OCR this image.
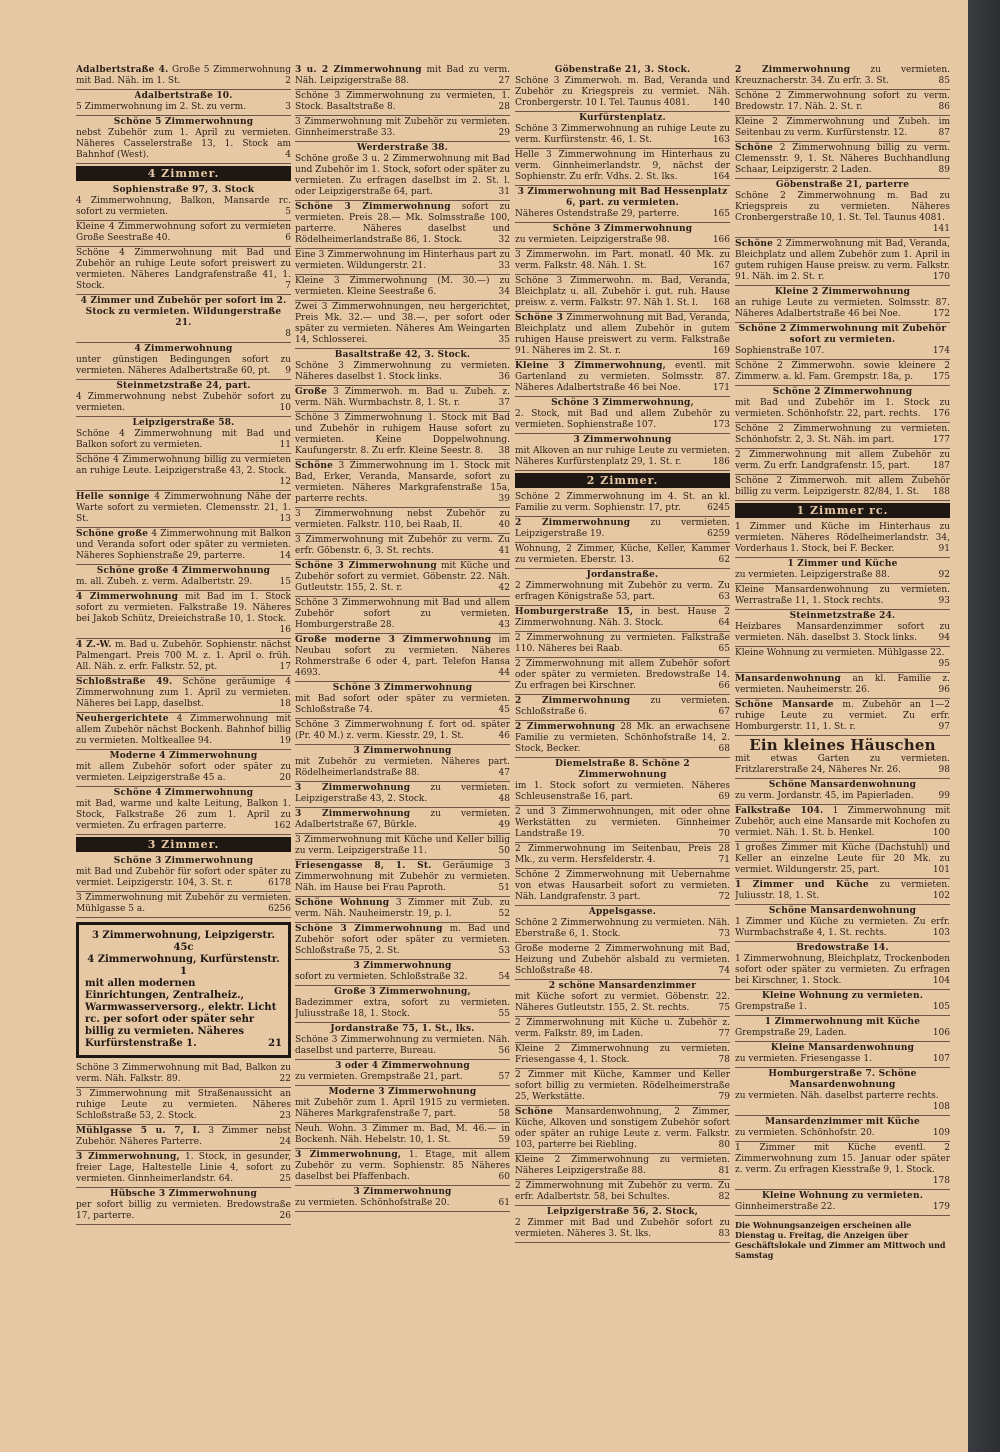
Adalbertstraße 4. Große 5 Zimmerwohnung mit Bad. Näh. im 1. St.	2
Adalbertstraße 10.
5 Zimmerwohnung im 2. St. zu verm.	3
Schöne 5 Zimmerwohnung
nebst Zubehör zum 1. April zu vermieten. Näheres Casselerstraße 13, 1. Stock am Bahnhof (West).	4
4 Zimmer.
Sophienstraße 97, 3. Stock
4 Zimmerwohnung, Balkon, Mansarde rc. sofort zu vermieten.	5
Kleine 4 Zimmerwohnung sofort zu vermieten Große Seestraße 40.	6
Schöne 4 Zimmerwohnung mit Bad und Zubehör an ruhige Leute sofort preiswert zu vermieten. Näheres Landgrafenstraße 41, 1. Stock.	7
4 Zimmer und Zubehör per sofort im 2. Stock zu vermieten. Wildungerstraße 21.
8
4 Zimmerwohnung
unter günstigen Bedingungen sofort zu vermieten. Näheres Adalbertstraße 60, pt. 9
Steinmetzstraße 24, part.
4 Zimmerwohnung nebst Zubehör sofort zu vermieten.	10
Leipzigerstraße 58.
Schöne 4 Zimmerwohnung mit Bad und Balkon sofort zu vermieten.	11
Schöne 4 Zimmerwohnung billig zu vermieten an ruhige Leute. Leipzigerstraße 43, 2. Stock.
12
Helle sonnige 4 Zimmerwohnung Nähe der Warte sofort zu vermieten. Clemensstr. 21, 1. St.	13
Schöne große 4 Zimmerwohnung mit Balkon und Veranda sofort oder später zu vermieten. Näheres Sophienstraße 29, parterre.	14
Schöne große 4 Zimmerwohnung
m. all. Zubeh. z. verm. Adalbertstr. 29.	15
4 Zimmerwohnung mit Bad im 1. Stock sofort zu vermieten. Falkstraße 19. Näheres bei Jakob Schütz, Dreieichstraße 10, 1. Stock.
16
4 Z.-W. m. Bad u. Zubehör. Sophienstr. nächst Palmengart. Preis 700 M. z. 1. April o. früh. All. Näh. z. erfr. Falkstr. 52, pt.	17
Schloßstraße 49. Schöne geräumige 4 Zimmerwohnung zum 1. April zu vermieten. Näheres bei Lapp, daselbst.	18
Neuhergerichtete 4 Zimmerwohnung mit allem Zubehör nächst Bockenh. Bahnhof billig zu vermieten. Moltkeallee 94.	19
Moderne 4 Zimmerwohnung
mit allem Zubehör sofort oder später zu vermieten. Leipzigerstraße 45 a.	20
Schöne 4 Zimmerwohnung
mit Bad, warme und kalte Leitung, Balkon 1. Stock, Falkstraße 26 zum 1. April zu vermieten. Zu erfragen parterre.	162
3 Zimmer.
Schöne 3 Zimmerwohnung
mit Bad und Zubehör für sofort oder später zu vermiet. Leipzigerstr. 104, 3. St. r.	6178
3 Zimmerwohnung mit Zubehör zu vermieten. Mühlgasse 5 a.	6256
3 Zimmerwohnung, Leipzigerstr. 45c
4 Zimmerwohnung, Kurfürstenstr. 1
mit allen modernen Einrichtungen, Zentralheiz., Warmwasserversorg., elektr. Licht rc. per sofort oder später sehr billig zu vermieten. Näheres Kurfürstenstraße 1.	21
Schöne 3 Zimmerwohnung mit Bad, Balkon zu verm. Näh. Falkstr. 89.	22
3 Zimmerwohnung mit Straßenaussicht an ruhige Leute zu vermieten. Näheres Schloßstraße 53, 2. Stock.	23
Mühlgasse 5 u. 7, I. 3 Zimmer nebst Zubehör. Näheres Parterre.	24
3 Zimmerwohnung, 1. Stock, in gesunder, freier Lage, Haltestelle Linie 4, sofort zu vermieten. Ginnheimerlandstr. 64.	25
Hübsche 3 Zimmerwohnung
per sofort billig zu vermieten. Bredowstraße 17, parterre.	26
3 u. 2 Zimmerwohnung mit Bad zu verm. Näh. Leipzigerstraße 88.	27
Schöne 3 Zimmerwohnung zu vermieten, 1. Stock. Basaltstraße 8.	28
3 Zimmerwohnung mit Zubehör zu vermieten. Ginnheimerstraße 33.	29
Werderstraße 38.
Schöne große 3 u. 2 Zimmerwohnung mit Bad und Zubehör im 1. Stock, sofort oder später zu vermieten. Zu erfragen daselbst im 2. St. l. oder Leipzigerstraße 64, part.	31
Schöne 3 Zimmerwohnung sofort zu vermieten. Preis 28.— Mk. Solmsstraße 100, parterre. Näheres daselbst und Rödelheimerlandstraße 86, 1. Stock.	32
Eine 3 Zimmerwohnung im Hinterhaus part zu vermieten. Wildungerstr. 21.	33
Kleine 3 Zimmerwohnung (M. 30.—) zu vermieten. Kleine Seestraße 6.	34
Zwei 3 Zimmerwohnungen, neu hergerichtet, Preis Mk. 32.— und 38.—, per sofort oder später zu vermieten. Näheres Am Weingarten 14, Schlosserei.	35
Basaltstraße 42, 3. Stock.
Schöne 3 Zimmerwohnung zu vermieten. Näheres daselbst 1. Stock links.	36
Große 3 Zimmerwoh. m. Bad u. Zubeh. z. verm. Näh. Wurmbachstr. 8, 1. St. r.	37
Schöne 3 Zimmerwohnung 1. Stock mit Bad und Zubehör in ruhigem Hause sofort zu vermieten. Keine Doppelwohnung. Kaufungerstr. 8. Zu erfr. Kleine Seestr. 8. 38
Schöne 3 Zimmerwohnung im 1. Stock mit Bad, Erker, Veranda, Mansarde, sofort zu vermieten. Näheres Markgrafenstraße 15a, parterre rechts.	39
3 Zimmerwohnung nebst Zubehör zu vermieten. Falkstr. 110, bei Raab, II.	40
3 Zimmerwohnung mit Zubehör zu verm. Zu erfr. Göbenstr. 6, 3. St. rechts.	41
Schöne 3 Zimmerwohnung mit Küche und Zubehör sofort zu vermiet. Göbenstr. 22. Näh. Gutleutstr. 155, 2. St. r.	42
Schöne 3 Zimmerwohnung mit Bad und allem Zubehör sofort zu vermieten. Homburgerstraße 28.	43
Große moderne 3 Zimmerwohnung im Neubau sofort zu vermieten. Näheres Rohmerstraße 6 oder 4, part. Telefon Hansa 4693.	44
Schöne 3 Zimmerwohnung
mit Bad sofort oder später zu vermieten. Schloßstraße 74.	45
Schöne 3 Zimmerwohnung f. fort od. später (Pr. 40 M.) z. verm. Kiesstr. 29, 1. St.	46
3 Zimmerwohnung
mit Zubehör zu vermieten. Näheres part. Rödelheimerlandstraße 88.	47
3 Zimmerwohnung zu vermieten. Leipzigerstraße 43, 2. Stock.	48
3 Zimmerwohnung zu vermieten. Adalbertstraße 67, Bürkle.	49
3 Zimmerwohnung mit Küche und Keller billig zu verm. Leipzigerstraße 11.	50
Friesengasse 8, 1. St. Geräumige 3 Zimmerwohnung mit Zubehör zu vermieten. Näh. im Hause bei Frau Paproth.	51
Schöne Wohnung 3 Zimmer mit Zub. zu verm. Näh. Nauheimerstr. 19, p. l.	52
Schöne 3 Zimmerwohnung m. Bad und Zubehör sofort oder später zu vermieten. Schloßstraße 75, 2. St.	53
3 Zimmerwohnung
sofort zu vermieten. Schloßstraße 32.	54
Große 3 Zimmerwohnung,
Badezimmer extra, sofort zu vermieten. Juliusstraße 18, 1. Stock.	55
Jordanstraße 75, 1. St., lks.
Schöne 3 Zimmerwohnung zu vermieten. Näh. daselbst und parterre, Bureau.	56
3 oder 4 Zimmerwohnung
zu vermieten. Grempstraße 21, part.	57
Moderne 3 Zimmerwohnung
mit Zubehör zum 1. April 1915 zu vermieten. Näheres Markgrafenstraße 7, part.	58
Neuh. Wohn. 3 Zimmer m. Bad, M. 46.— in Bockenh. Näh. Hebelstr. 10, 1. St.	59
3 Zimmerwohnung, 1. Etage, mit allem Zubehör zu verm. Sophienstr. 85 Näheres daselbst bei Pfaffenbach.	60
3 Zimmerwohnung
zu vermieten. Schönhofstraße 20.	61
Göbenstraße 21, 3. Stock.
Schöne 3 Zimmerwoh. m. Bad, Veranda und Zubehör zu Kriegspreis zu vermiet. Näh. Cronbergerstr. 10 I. Tel. Taunus 4081.	140
Kurfürstenplatz.
Schöne 3 Zimmerwohnung an ruhige Leute zu verm. Kurfürstenstr. 46, 1. St.	163
Helle 3 Zimmerwohnung im Hinterhaus zu verm. Ginnheimerlandstr. 9, nächst der Sophienstr. Zu erfr. Vdhs. 2. St. lks.	164
3 Zimmerwohnung mit Bad Hessenplatz 6, part. zu vermieten.
Näheres Ostendstraße 29, parterre.	165
Schöne 3 Zimmerwohnung
zu vermieten. Leipzigerstraße 98.	166
3 Zimmerwohn. im Part. monatl. 40 Mk. zu verm. Falkstr. 48. Näh. 1. St.	167
Schöne 3 Zimmerwohn. m. Bad, Veranda, Bleichplatz u. all. Zubehör i. gut. ruh. Hause preisw. z. verm. Falkstr. 97. Näh 1. St. l. 168
Schöne 3 Zimmerwohnung mit Bad, Veranda, Bleichplatz und allem Zubehör in gutem ruhigen Hause preiswert zu verm. Falkstraße 91. Näheres im 2. St. r.	169
Kleine 3 Zimmerwohnung, eventl. mit Gartenland zu vermieten. Solmsstr. 87. Näheres Adalbertstraße 46 bei Noe.	171
Schöne 3 Zimmerwohnung,
2. Stock, mit Bad und allem Zubehör zu vermieten. Sophienstraße 107.	173
3 Zimmerwohnung
mit Alkoven an nur ruhige Leute zu vermieten. Näheres Kurfürstenplatz 29, 1. St. r.	186
2 Zimmer.
Schöne 2 Zimmerwohnung im 4. St. an kl. Familie zu verm. Sophienstr. 17, ptr.	6245
2 Zimmerwohnung zu vermieten. Leipzigerstraße 19.	6259
Wohnung, 2 Zimmer, Küche, Keller, Kammer zu vermieten. Eberstr. 13.	62
Jordanstraße.
2 Zimmerwohnung mit Zubehör zu verm. Zu erfragen Königstraße 53, part.	63
Homburgerstraße 15, in best. Hause 2 Zimmerwohnung. Näh. 3. Stock.	64
2 Zimmerwohnung zu vermieten. Falkstraße 110. Näheres bei Raab.	65
2 Zimmerwohnung mit allem Zubehör sofort oder später zu vermieten. Bredowstraße 14. Zu erfragen bei Kirschner.	66
2 Zimmerwohnung zu vermieten. Schloßstraße 6.	67
2 Zimmerwohnung 28 Mk. an erwachsene Familie zu vermieten. Schönhofstraße 14, 2. Stock, Becker.	68
Diemelstraße 8. Schöne 2 Zimmerwohnung
im 1. Stock sofort zu vermieten. Näheres Schleusenstraße 16, part.	69
2 und 3 Zimmerwohnungen, mit oder ohne Werkstätten zu vermieten. Ginnheimer Landstraße 19.	70
2 Zimmerwohnung im Seitenbau, Preis 28 Mk., zu verm. Hersfelderstr. 4.	71
Schöne 2 Zimmerwohnung mit Uebernahme von etwas Hausarbeit sofort zu vermieten. Näh. Landgrafenstr. 3 part.	72
Appelsgasse.
Schöne 2 Zimmerwohnung zu vermieten. Näh. Eberstraße 6, 1. Stock.	73
Große moderne 2 Zimmerwohnung mit Bad, Heizung und Zubehör alsbald zu vermieten. Schloßstraße 48.	74
2 schöne Mansardenzimmer
mit Küche sofort zu vermiet. Göbenstr. 22. Näheres Gutleutstr. 155, 2. St. rechts.	75
2 Zimmerwohnung mit Küche u. Zubehör z. verm. Falkstr. 89, im Laden.	77
Kleine 2 Zimmerwohnung zu vermieten. Friesengasse 4, 1. Stock.	78
2 Zimmer mit Küche, Kammer und Keller sofort billig zu vermieten. Rödelheimerstraße 25, Werkstätte.	79
Schöne Mansardenwohnung, 2 Zimmer, Küche, Alkoven und sonstigem Zubehör sofort oder später an ruhige Leute z. verm. Falkstr. 103, parterre bei Riebling.	80
Kleine 2 Zimmerwohnung zu vermieten. Näheres Leipzigerstraße 88.	81
2 Zimmerwohnung mit Zubehör zu verm. Zu erfr. Adalbertstr. 58, bei Schultes.	82
Leipzigerstraße 56, 2. Stock,
2 Zimmer mit Bad und Zubehör sofort zu vermieten. Näheres 3. St. lks.	83
2 Zimmerwohnung zu vermieten. Kreuznacherstr. 34. Zu erfr. 3. St.	85
Schöne 2 Zimmerwohnung sofort zu verm. Bredowstr. 17. Näh. 2. St. r.	86
Kleine 2 Zimmerwohnung und Zubeh. im Seitenbau zu verm. Kurfürstenstr. 12.	87
Schöne 2 Zimmerwohnung billig zu verm. Clemensstr. 9, 1. St. Näheres Buchhandlung Schaar, Leipzigerstr. 2 Laden.	89
Göbenstraße 21, parterre
Schöne 2 Zimmerwohnung m. Bad zu Kriegspreis zu vermieten. Näheres Cronbergerstraße 10, 1. St. Tel. Taunus 4081.
141
Schöne 2 Zimmerwohnung mit Bad, Veranda, Bleichplatz und allem Zubehör zum 1. April in gutem ruhigen Hause preisw. zu verm. Falkstr. 91. Näh. im 2. St. r.	170
Kleine 2 Zimmerwohnung
an ruhige Leute zu vermieten. Solmsstr. 87. Näheres Adalbertstraße 46 bei Noe.	172
Schöne 2 Zimmerwohnung mit Zubehör sofort zu vermieten.
Sophienstraße 107.	174
Schöne 2 Zimmerwohn. sowie kleinere 2 Zimmerw. a. kl. Fam. Grempstr. 18a, p. 175
Schöne 2 Zimmerwohnung
mit Bad und Zubehör im 1. Stock zu vermieten. Schönhofstr. 22, part. rechts. 176
Schöne 2 Zimmerwohnung zu vermieten. Schönhofstr. 2, 3. St. Näh. im part.	177
2 Zimmerwohnung mit allem Zubehör zu verm. Zu erfr. Landgrafenstr. 15, part.	187
Schöne 2 Zimmerwoh. mit allem Zubehör billig zu verm. Leipzigerstr. 82/84, 1. St. 188
1 Zimmer rc.
1 Zimmer und Küche im Hinterhaus zu vermieten. Näheres Rödelheimerlandstr. 34, Vorderhaus 1. Stock, bei F. Becker.	91
1 Zimmer und Küche
zu vermieten. Leipzigerstraße 88.	92
Kleine Mansardenwohnung zu vermieten. Werrastraße 11, 1. Stock rechts.	93
Steinmetzstraße 24.
Heizbares Mansardenzimmer sofort zu vermieten. Näh. daselbst 3. Stock links. 94
Kleine Wohnung zu vermieten. Mühlgasse 22.
95
Mansardenwohnung an kl. Familie z. vermieten. Nauheimerstr. 26.	96
Schöne Mansarde m. Zubehör an 1—2 ruhige Leute zu vermiet. Zu erfr. Homburgerstr. 11, 1. St. r.	97
Ein kleines Häuschen
mit etwas Garten zu vermieten. Fritzlarerstraße 24, Näheres Nr. 26.	98
Schöne Mansardenwohnung
zu verm. Jordanstr. 45, im Papierladen.	99
Falkstraße 104. 1 Zimmerwohnung mit Zubehör, auch eine Mansarde mit Kochofen zu vermiet. Näh. 1. St. b. Henkel.	100
1 großes Zimmer mit Küche (Dachstuhl) und Keller an einzelne Leute für 20 Mk. zu vermiet. Wildungerstr. 25, part.	101
1 Zimmer und Küche zu vermieten. Juliusstr. 18, 1. St.	102
Schöne Mansardenwohnung
1 Zimmer und Küche zu vermieten. Zu erfr. Wurmbachstraße 4, 1. St. rechts.	103
Bredowstraße 14.
1 Zimmerwohnung, Bleichplatz, Trockenboden sofort oder später zu vermieten. Zu erfragen bei Kirschner, 1. Stock.	104
Kleine Wohnung zu vermieten.
Grempstraße 1.	105
1 Zimmerwohnung mit Küche
Grempstraße 29, Laden.	106
Kleine Mansardenwohnung
zu vermieten. Friesengasse 1.	107
Homburgerstraße 7. Schöne Mansardenwohnung
zu vermieten. Näh. daselbst parterre rechts.
108
Mansardenzimmer mit Küche
zu vermieten. Schönhofstr. 20.	109
1 Zimmer mit Küche eventl. 2 Zimmerwohnung zum 15. Januar oder später z. verm. Zu erfragen Kiesstraße 9, 1. Stock.
178
Kleine Wohnung zu vermieten.
Ginnheimerstraße 22.	179
Die Wohnungsanzeigen erscheinen alle Dienstag u. Freitag, die Anzeigen über Geschäftslokale und Zimmer am Mittwoch und Samstag
